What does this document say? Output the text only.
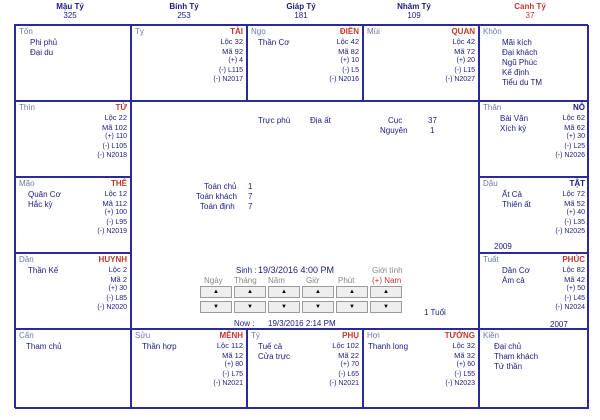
Mậu Tý
325
Bính Tý
253
Giáp Tý
181
Nhâm Tý
109
Canh Tý
37
Tốn
Phi phủ
Đại du
Tỵ	TÀI
Lộc 32
Mã 92
(+) 4
(-) L115
(-) N2017
Ngọ	ĐIỀN
Thần Cơ	Lộc 42
Mã 82
(+) 10
(-) L5
(-) N2016
Mùi	QUAN
Lộc 42
Mã 72
(+) 20
(-) L15
(-) N2027
Khôn
Mãi kích
Đại khách
Ngũ Phúc
Kế định
Tiểu du TM
Thìn	TỬ
Lộc 22
Mã 102
(+) 110
(-) L105
(-) N2018
Thân	NÔ
Bài Văn
Xích kỳ
Lộc 62
Mã 62
(+) 30
(-) L25
(-) N2026
Mão	THÊ
Quân Cơ
Hắc kỳ
Lộc 12
Mã 112
(+) 100
(-) L95
(-) N2019
Dậu	TẬT
Ất Cả
Thiên ất
2009
Lộc 72
Mã 52
(+) 40
(-) L35
(-) N2025
Dần	HUYNH
Thần Kế	Lộc 2
Mã 2
(+) 30
(-) L85
(-) N2020
Tuất	PHÚC
Dân Cơ
Ám cả
2007
Lộc 82
Mã 42
(+) 50
(-) L45
(-) N2024
Cấn
Tham chủ
Sửu	MỆNH
Thần hợp	Lộc 112
Mã 12
(+) 80
(-) L75
(-) N2021
Tý	PHỤ
Tuế cả
Cửa trực
Lộc 102
Mã 22
(+) 70
(-) L65
(-) N2021
Hợi	TƯỚNG
Thanh long	Lộc 32
Mã 32
(+) 60
(-) L55
(-) N2023
Kiền
Đại chủ
Tham khách
Tứ thần
Trực phù Địa ất	Cục	37
Nguyên	1
Toán chủ 1
Toán khách 7
Toán định 7
Sinh : 19/3/2016 4:00 PM	Giới tính
(+) Nam
Ngày Tháng Năm	Giờ Phút
▲	▲	▲	▲	▲	▲
▼	▼	▼	▼	▼	▼
1 Tuổi
Now : 19/3/2016 2:14 PM
